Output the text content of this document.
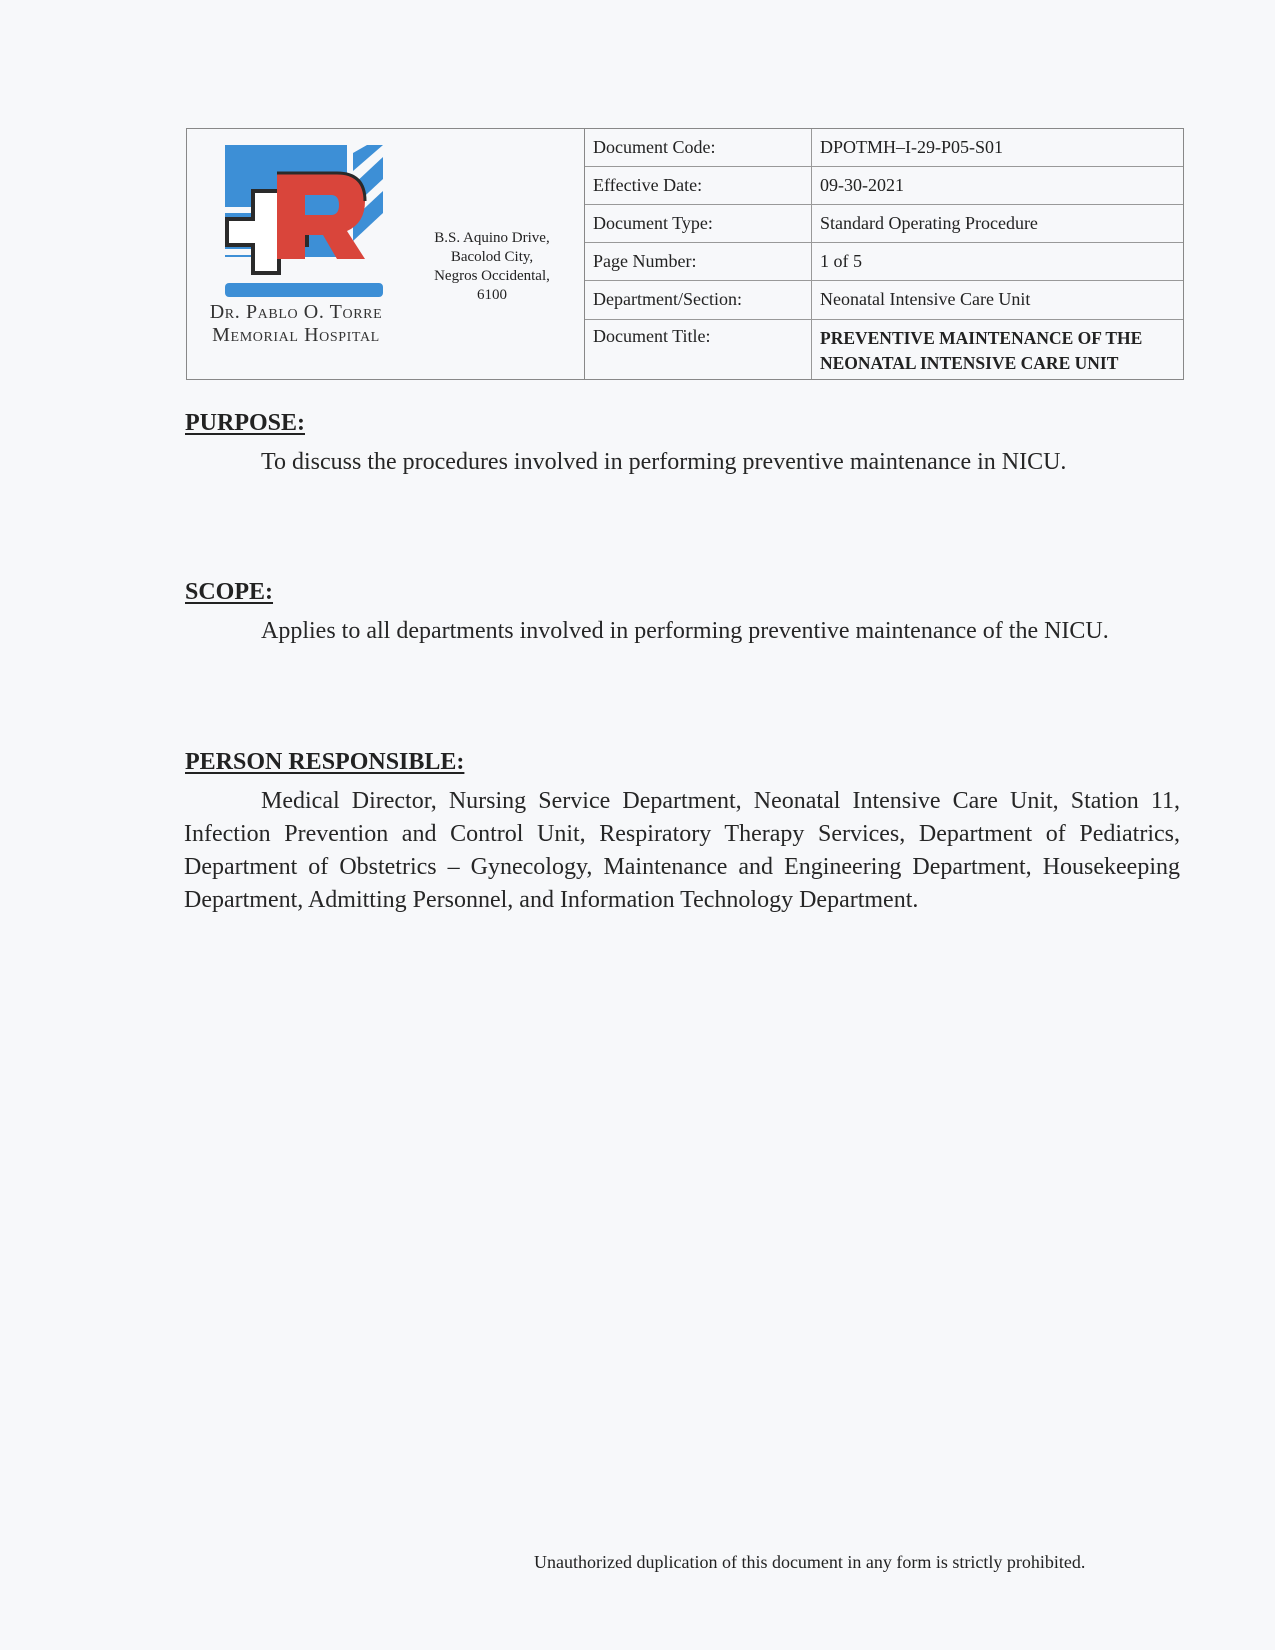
Dr. Pablo O. Torre
Memorial Hospital
B.S. Aquino Drive,
Bacolod City,
Negros Occidental,
6100
Document Code:	DPOTMH–I-29-P05-S01
Effective Date:	09-30-2021
Document Type:	Standard Operating Procedure
Page Number:	1 of 5
Department/Section:	Neonatal Intensive Care Unit
Document Title:	PREVENTIVE MAINTENANCE OF THE
NEONATAL INTENSIVE CARE UNIT
PURPOSE:

To discuss the procedures involved in performing preventive maintenance in NICU.

SCOPE:

Applies to all departments involved in performing preventive maintenance of the NICU.

PERSON RESPONSIBLE:

Medical Director, Nursing Service Department, Neonatal Intensive Care Unit, Station 11, Infection Prevention and Control Unit, Respiratory Therapy Services, Department of Pediatrics, Department of Obstetrics – Gynecology, Maintenance and Engineering Department, Housekeeping Department, Admitting Personnel, and Information Technology Department.

Unauthorized duplication of this document in any form is strictly prohibited.
